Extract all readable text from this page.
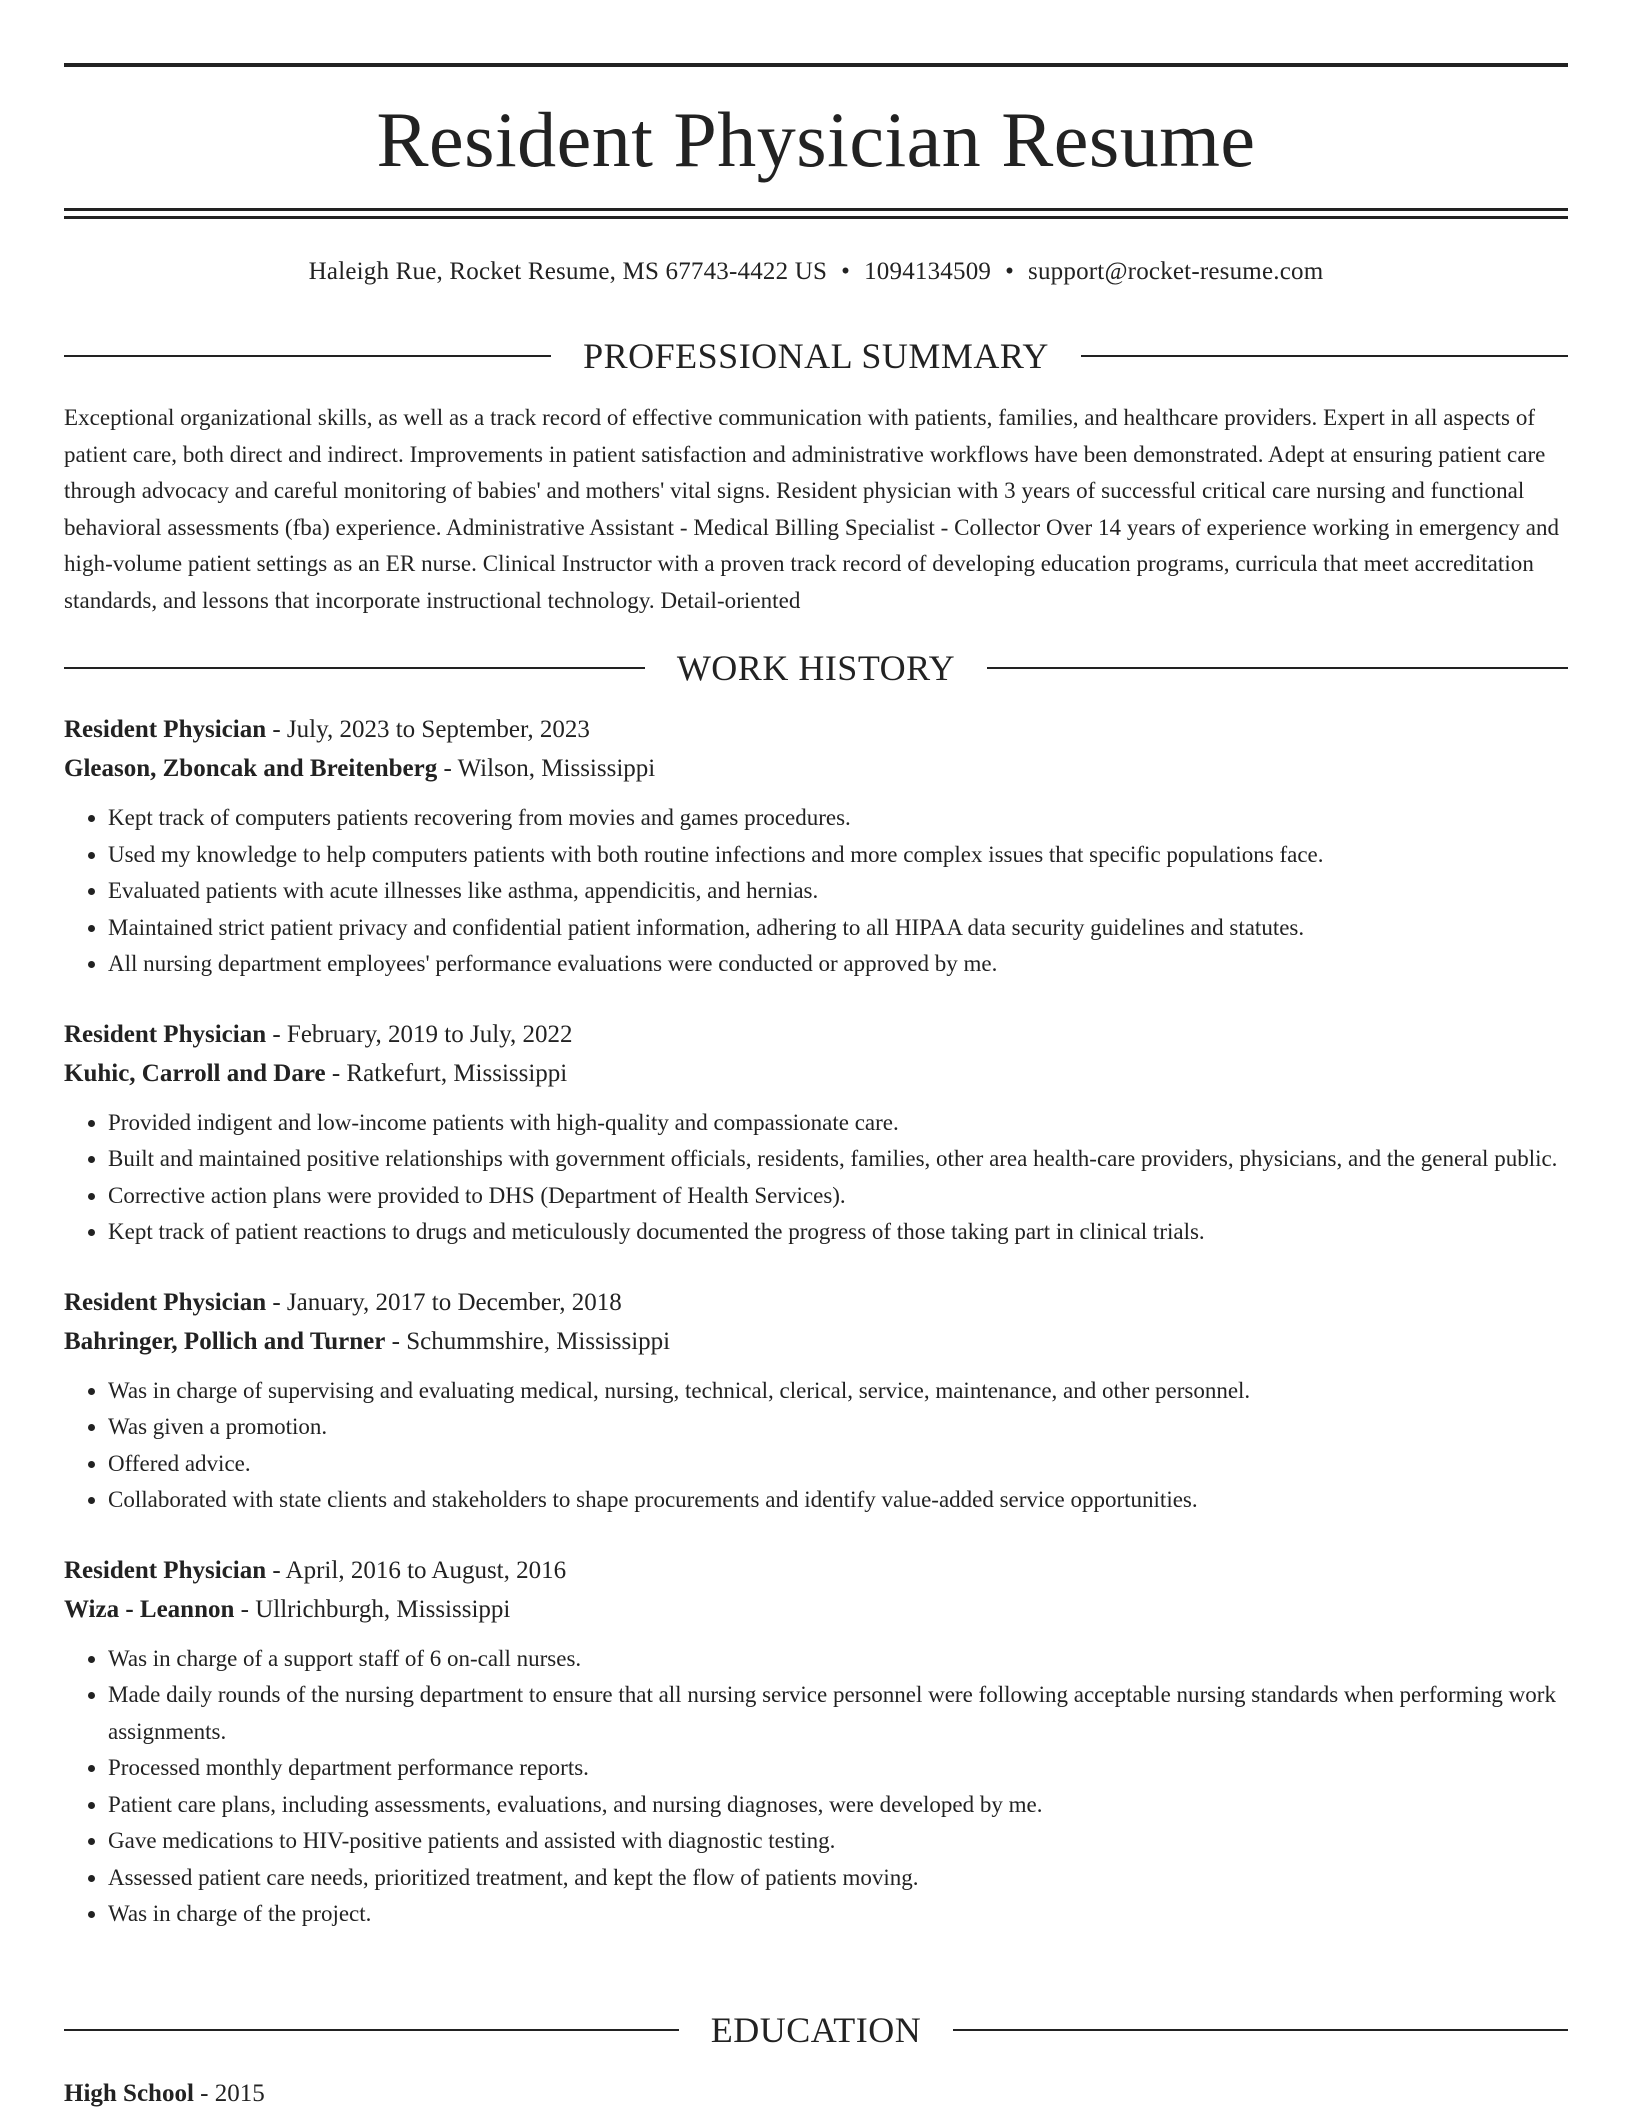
Resident Physician Resume
Haleigh Rue, Rocket Resume, MS 67743-4422 US • 1094134509 • support@rocket-resume.com
PROFESSIONAL SUMMARY
Exceptional organizational skills, as well as a track record of effective communication with patients, families, and healthcare providers. Expert in all aspects of patient care, both direct and indirect. Improvements in patient satisfaction and administrative workflows have been demonstrated. Adept at ensuring patient care through advocacy and careful monitoring of babies' and mothers' vital signs. Resident physician with 3 years of successful critical care nursing and functional behavioral assessments (fba) experience. Administrative Assistant - Medical Billing Specialist - Collector Over 14 years of experience working in emergency and high-volume patient settings as an ER nurse. Clinical Instructor with a proven track record of developing education programs, curricula that meet accreditation standards, and lessons that incorporate instructional technology. Detail-oriented
WORK HISTORY
Resident Physician - July, 2023 to September, 2023
Gleason, Zboncak and Breitenberg - Wilson, Mississippi
• Kept track of computers patients recovering from movies and games procedures.
• Used my knowledge to help computers patients with both routine infections and more complex issues that specific populations face.
• Evaluated patients with acute illnesses like asthma, appendicitis, and hernias.
• Maintained strict patient privacy and confidential patient information, adhering to all HIPAA data security guidelines and statutes.
• All nursing department employees' performance evaluations were conducted or approved by me.
Resident Physician - February, 2019 to July, 2022
Kuhic, Carroll and Dare - Ratkefurt, Mississippi
• Provided indigent and low-income patients with high-quality and compassionate care.
• Built and maintained positive relationships with government officials, residents, families, other area health-care providers, physicians, and the general public.
• Corrective action plans were provided to DHS (Department of Health Services).
• Kept track of patient reactions to drugs and meticulously documented the progress of those taking part in clinical trials.
Resident Physician - January, 2017 to December, 2018
Bahringer, Pollich and Turner - Schummshire, Mississippi
• Was in charge of supervising and evaluating medical, nursing, technical, clerical, service, maintenance, and other personnel.
• Was given a promotion.
• Offered advice.
• Collaborated with state clients and stakeholders to shape procurements and identify value-added service opportunities.
Resident Physician - April, 2016 to August, 2016
Wiza - Leannon - Ullrichburgh, Mississippi
• Was in charge of a support staff of 6 on-call nurses.
• Made daily rounds of the nursing department to ensure that all nursing service personnel were following acceptable nursing standards when performing work assignments.
• Processed monthly department performance reports.
• Patient care plans, including assessments, evaluations, and nursing diagnoses, were developed by me.
• Gave medications to HIV-positive patients and assisted with diagnostic testing.
• Assessed patient care needs, prioritized treatment, and kept the flow of patients moving.
• Was in charge of the project.
EDUCATION
High School - 2015
